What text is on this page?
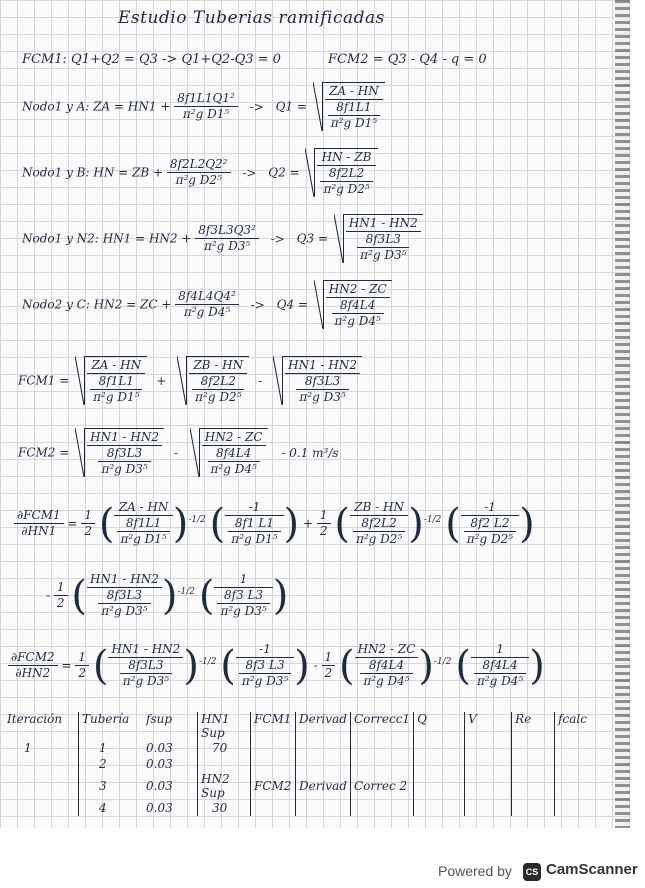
Estudio Tuberias ramificadas
FCM1: Q1+Q2 = Q3 -> Q1+Q2-Q3 = 0	FCM2 = Q3 - Q4 - q = 0
Nodo1 y A: ZA = $HN1 + \frac{\text{8f1L1Q1²}}{\text{π²g D1⁵}} -> Q1 = \frac{ZA - HN}{\frac{8f1L1}{\text{π²g D1⁵}}}$
Nodo1 y B: HN = ZB + $\frac{\text{8f2L2Q2²}}{\text{π²g D2⁵}} -> Q2 = \frac{HN - ZB}{\frac{8f2L2}{\text{π²g D2⁵}}}$
Nodo1 y N2: $HN1 = HN2 + \frac{\text{8f3L3Q3²}}{\text{π²g D3⁵}} -> Q3 = \frac{HN1 - HN2}{\frac{8f3L3}{\text{π²g D3⁵}}}$
Nodo2 y C: HN2 = ZC + $\frac{\text{8f4L4Q4²}}{\text{π²g D4⁵}} -> Q4 = \frac{HN2 - ZC}{\frac{8f4L4}{\text{π²g D4⁵}}}$
$FCM1 = \frac{ZA - HN}{\frac{8f1L1}{\text{π²g D1⁵}}} + \frac{ZB - HN}{\frac{8f2L2}{\text{π²g D2⁵}}} - \frac{HN1 - HN2}{\frac{8f3L3}{\text{π²g D3⁵}}}$
$FCM2 = \frac{HN1 - HN2}{\frac{8f3L3}{\text{π²g D3⁵}}} - \frac{HN2 - ZC}{\frac{8f4L4}{\text{π²g D4⁵}}} - 0.1$ m³/s
$\frac{\text{∂FCM1}}{\partial HN1} = \frac{1}{2}$ ( $\frac{ZA - HN}{\frac{8f1L1}{\text{π²g D1⁵}}} )^{-1/2}$ ( $\frac{-1}{\frac{8f1 L1}{\text{π²g D1⁵}}}$ ) + $\frac{1}{2}$ ( $\frac{ZB - HN}{\frac{8f2L2}{\text{π²g D2⁵}}} )^{-1/2}$ ( $\frac{-1}{\frac{8f2 L2}{\text{π²g D2⁵}}}$ )
- $\frac{1}{2}$ ( $\frac{HN1 - HN2}{\frac{8f3L3}{\text{π²g D3⁵}}} )^{-1/2}$ ( $\frac{1}{\frac{8f3 L3}{\text{π²g D3⁵}}}$ )
$\frac{\text{∂FCM2}}{\partial HN2} = \frac{1}{2}$ ( $\frac{HN1 - HN2}{\frac{8f3L3}{\text{π²g D3⁵}}} )^{-1/2}$ ( $\frac{-1}{\frac{8f3 L3}{\text{π²g D3⁵}}}$ ) - $\frac{1}{2}$ ( $\frac{HN2 - ZC}{\frac{8f4L4}{\text{π²g D4⁵}}} )^{-1/2}$ ( $\frac{1}{\frac{8f4L4}{\text{π²g D4⁵}}}$ )
Iteración	Tubería	fsup	HN1 Sup	FCM1	Derivad	Correcc1	Q	V	Re	fcalc
1	1	0.03	70							
	2	0.03								
	3	0.03	HN2 Sup	FCM2	Derivad	Correc 2				
	4	0.03	30							
Powered by	CS CamScanner
